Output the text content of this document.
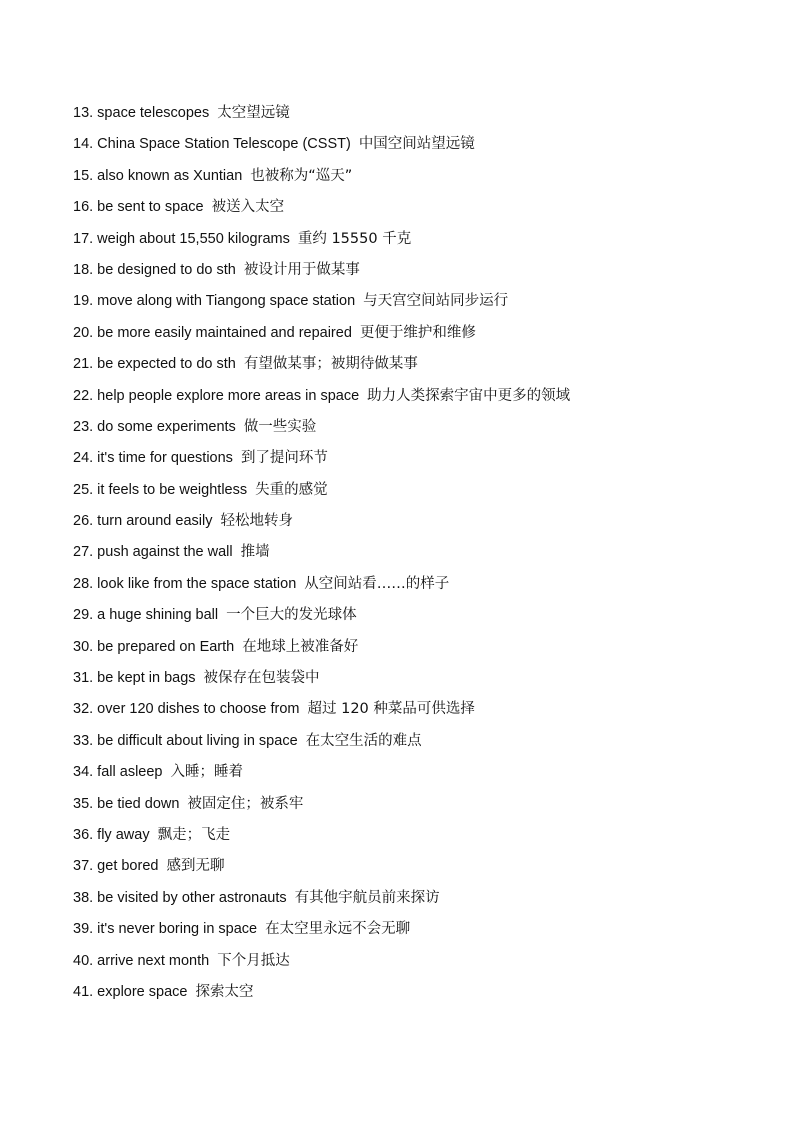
13. space telescopes 太空望远镜
14. China Space Station Telescope (CSST) 中国空间站望远镜
15. also known as Xuntian 也被称为“巡天”
16. be sent to space 被送入太空
17. weigh about 15,550 kilograms 重约 15550 千克
18. be designed to do sth 被设计用于做某事
19. move along with Tiangong space station 与天宫空间站同步运行
20. be more easily maintained and repaired 更便于维护和维修
21. be expected to do sth 有望做某事；被期待做某事
22. help people explore more areas in space 助力人类探索宇宙中更多的领域
23. do some experiments 做一些实验
24. it's time for questions 到了提问环节
25. it feels to be weightless 失重的感觉
26. turn around easily 轻松地转身
27. push against the wall 推墙
28. look like from the space station 从空间站看……的样子
29. a huge shining ball 一个巨大的发光球体
30. be prepared on Earth 在地球上被准备好
31. be kept in bags 被保存在包装袋中
32. over 120 dishes to choose from 超过 120 种菜品可供选择
33. be difficult about living in space 在太空生活的难点
34. fall asleep 入睡；睡着
35. be tied down 被固定住；被系牢
36. fly away 飘走；飞走
37. get bored 感到无聊
38. be visited by other astronauts 有其他宇航员前来探访
39. it's never boring in space 在太空里永远不会无聊
40. arrive next month 下个月抵达
41. explore space 探索太空
